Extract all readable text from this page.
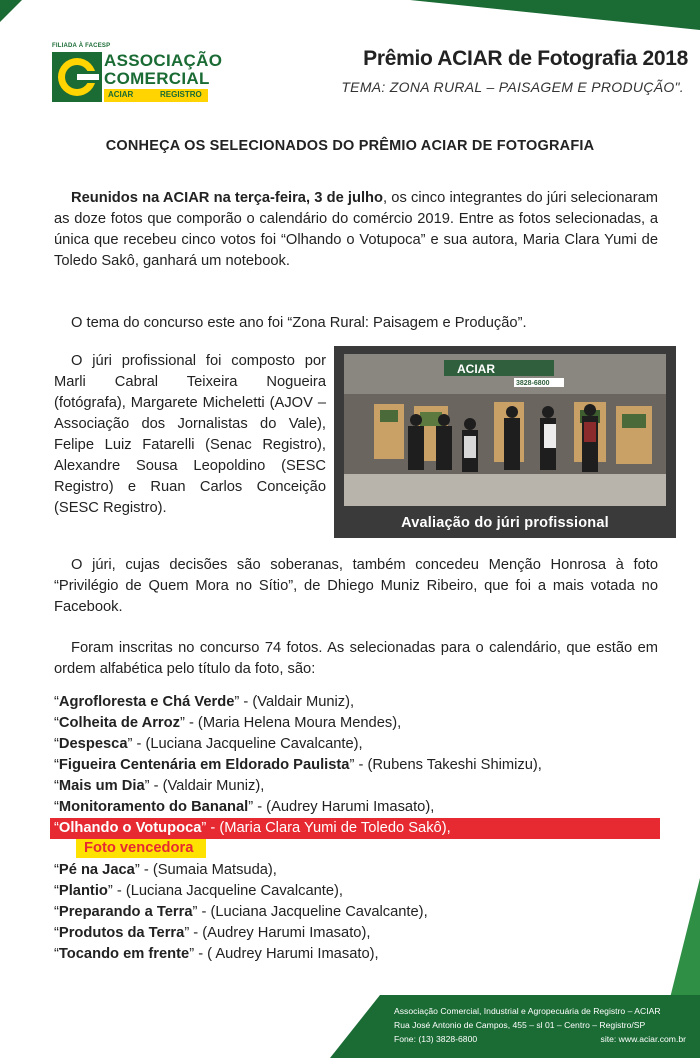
FILIADA À FACESP
ASSOCIAÇÃO
COMERCIAL
ACIAR	REGISTRO
Prêmio ACIAR de Fotografia 2018
TEMA: ZONA RURAL – PAISAGEM E PRODUÇÃO".
CONHEÇA OS SELECIONADOS DO PRÊMIO ACIAR DE FOTOGRAFIA

Reunidos na ACIAR na terça-feira, 3 de julho, os cinco integrantes do júri selecionaram as doze fotos que comporão o calendário do comércio 2019. Entre as fotos selecionadas, a única que recebeu cinco votos foi “Olhando o Votupoca” e sua autora, Maria Clara Yumi de Toledo Sakô, ganhará um notebook.

O tema do concurso este ano foi “Zona Rural: Paisagem e Produção”.

O júri profissional foi composto por Marli Cabral Teixeira Nogueira (fotógrafa), Margarete Micheletti (AJOV – Associação dos Jornalistas do Vale), Felipe Luiz Fatarelli (Senac Registro), Alexandre Sousa Leopoldino (SESC Registro) e Ruan Carlos Conceição (SESC Registro).

ACIAR
3828-6800
Avaliação do júri profissional

O júri, cujas decisões são soberanas, também concedeu Menção Honrosa à foto “Privilégio de Quem Mora no Sítio”, de Dhiego Muniz Ribeiro, que foi a mais votada no Facebook.

Foram inscritas no concurso 74 fotos. As selecionadas para o calendário, que estão em ordem alfabética pelo título da foto, são:

“Agrofloresta e Chá Verde” - (Valdair Muniz),
“Colheita de Arroz” - (Maria Helena Moura Mendes),
“Despesca” - (Luciana Jacqueline Cavalcante),
“Figueira Centenária em Eldorado Paulista” - (Rubens Takeshi Shimizu),
“Mais um Dia” - (Valdair Muniz),
“Monitoramento do Bananal” - (Audrey Harumi Imasato),
“Olhando o Votupoca” - (Maria Clara Yumi de Toledo Sakô),
Foto vencedora
“Pé na Jaca” - (Sumaia Matsuda),
“Plantio” - (Luciana Jacqueline Cavalcante),
“Preparando a Terra” - (Luciana Jacqueline Cavalcante),
“Produtos da Terra” - (Audrey Harumi Imasato),
“Tocando em frente” - ( Audrey Harumi Imasato),
Associação Comercial, Industrial e Agropecuária de Registro – ACIAR
Rua José Antonio de Campos, 455 – sl 01 – Centro – Registro/SP
Fone: (13) 3828-6800	site: www.aciar.com.br
